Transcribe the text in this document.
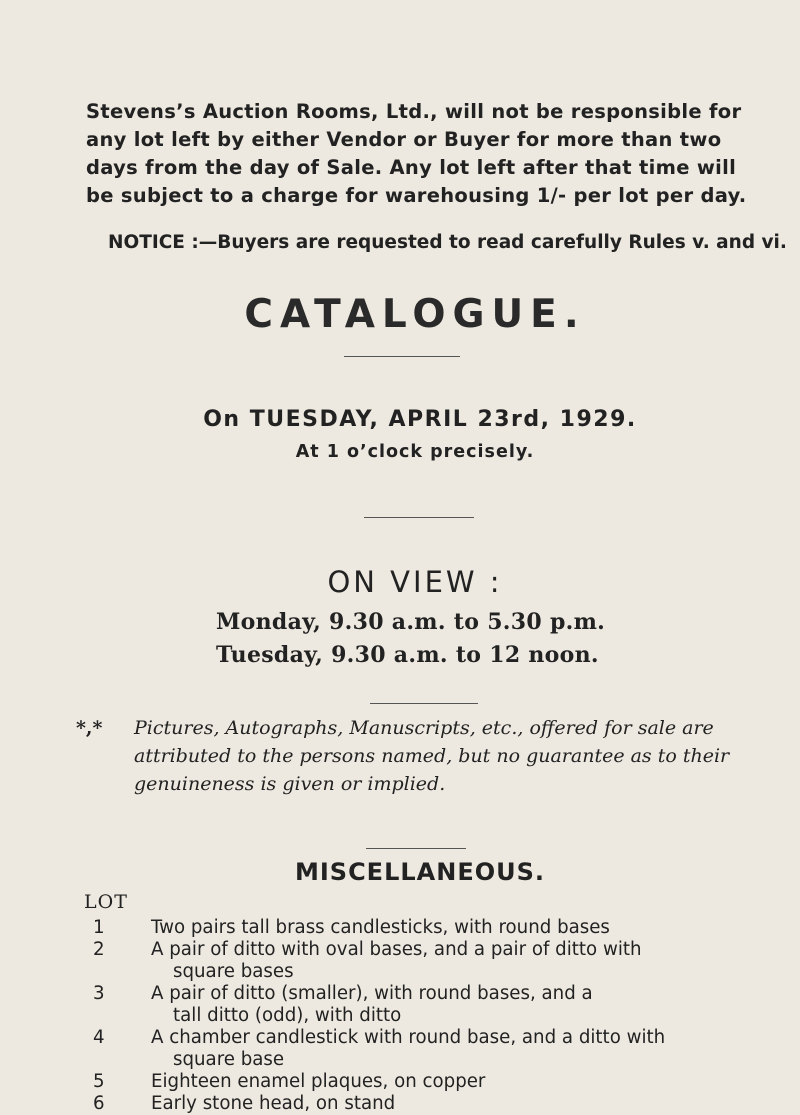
Stevens’s Auction Rooms, Ltd., will not be responsible for
any lot left by either Vendor or Buyer for more than two
days from the day of Sale. Any lot left after that time will
be subject to a charge for warehousing 1/- per lot per day.
NOTICE :—Buyers are requested to read carefully Rules v. and vi.
CATALOGUE.
On TUESDAY, APRIL 23rd, 1929.
At 1 o’clock precisely.
ON VIEW :
Monday, 9.30 a.m. to 5.30 p.m.
Tuesday, 9.30 a.m. to 12 noon.
*,*	Pictures, Autographs, Manuscripts, etc., offered for sale are
attributed to the persons named, but no guarantee as to their
genuineness is given or implied.
MISCELLANEOUS.
LOT
1	Two pairs tall brass candlesticks, with round bases
2	A pair of ditto with oval bases, and a pair of ditto with
square bases
3	A pair of ditto (smaller), with round bases, and a
tall ditto (odd), with ditto
4	A chamber candlestick with round base, and a ditto with
square base
5	Eighteen enamel plaques, on copper
6	Early stone head, on stand
